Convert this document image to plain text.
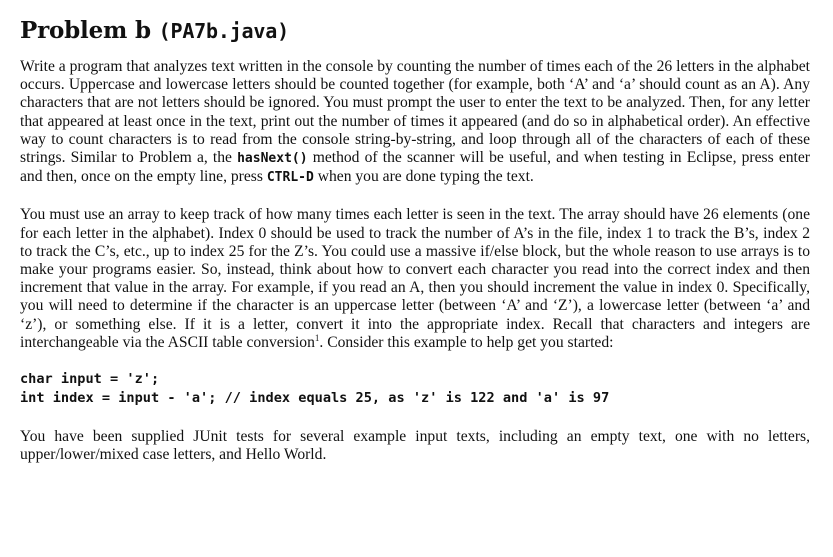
Problem b (PA7b.java)

Write a program that analyzes text written in the console by counting the number of times each of the 26 letters in the alphabet occurs. Uppercase and lowercase letters should be counted together (for example, both ‘A’ and ‘a’ should count as an A). Any characters that are not letters should be ignored. You must prompt the user to enter the text to be analyzed. Then, for any letter that appeared at least once in the text, print out the number of times it appeared (and do so in alphabetical order). An effective way to count characters is to read from the console string-by-string, and loop through all of the characters of each of these strings. Similar to Problem a, the hasNext() method of the scanner will be useful, and when testing in Eclipse, press enter and then, once on the empty line, press CTRL-D when you are done typing the text.

You must use an array to keep track of how many times each letter is seen in the text. The array should have 26 elements (one for each letter in the alphabet). Index 0 should be used to track the number of A’s in the file, index 1 to track the B’s, index 2 to track the C’s, etc., up to index 25 for the Z’s. You could use a massive if/else block, but the whole reason to use arrays is to make your programs easier. So, instead, think about how to convert each character you read into the correct index and then increment that value in the array. For example, if you read an A, then you should increment the value in index 0. Specifically, you will need to determine if the character is an uppercase letter (between ‘A’ and ‘Z’), a lowercase letter (between ‘a’ and ‘z’), or something else. If it is a letter, convert it into the appropriate index. Recall that characters and integers are interchangeable via the ASCII table conversion$^1$. Consider this example to help get you started:

char input = 'z';
int index = input - 'a'; // index equals 25, as 'z' is 122 and 'a' is 97

You have been supplied JUnit tests for several example input texts, including an empty text, one with no letters, upper/lower/mixed case letters, and Hello World.
